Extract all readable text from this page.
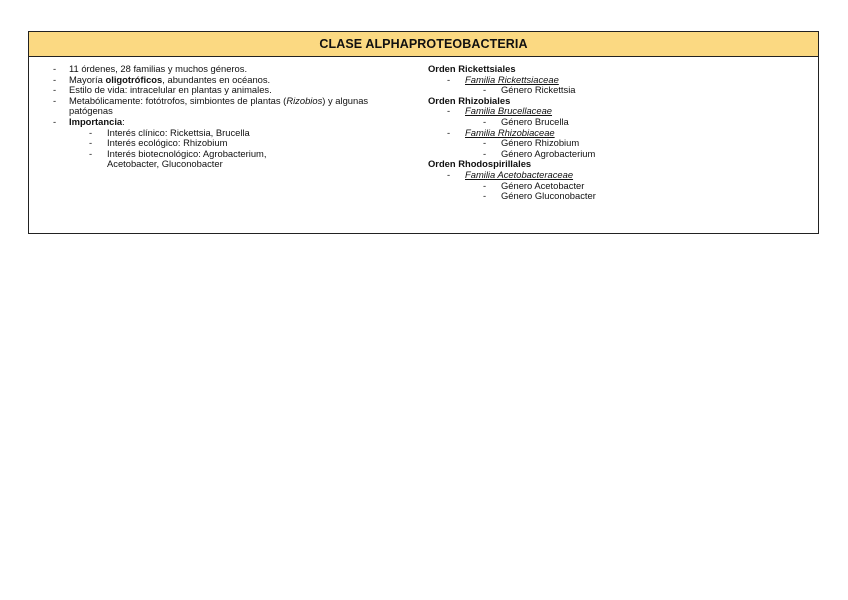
CLASE ALPHAPROTEOBACTERIA
- 11 órdenes, 28 familias y muchos géneros.
- Mayoría oligotróficos, abundantes en océanos.
- Estilo de vida: intracelular en plantas y animales.
- Metabólicamente: fotótrofos, simbiontes de plantas (Rizobios) y algunas patógenas
- Importancia:
- Interés clínico: Rickettsia, Brucella
- Interés ecológico: Rhizobium
- Interés biotecnológico: Agrobacterium, Acetobacter, Gluconobacter
Orden Rickettsiales
- Familia Rickettsiaceae
- Género Rickettsia
Orden Rhizobiales
- Familia Brucellaceae
- Género Brucella
- Familia Rhizobiaceae
- Género Rhizobium
- Género Agrobacterium
Orden Rhodospirillales
- Familia Acetobacteraceae
- Género Acetobacter
- Género Gluconobacter
